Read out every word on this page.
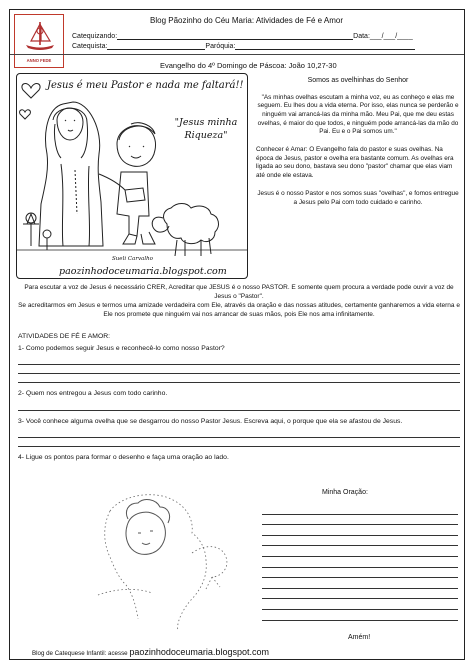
ANNO FEDE
Blog Pãozinho do Céu Maria: Atividades de Fé e Amor
Catequizando:	Data: ___/___/____
Catequista:	Paróquia:
Evangelho do 4º Domingo de Páscoa: João 10,27-30
Jesus é meu Pastor e nada me faltará!!
"Jesus minha
Riqueza"
Sueli Carvalho
paozinhodoceumaria.blogspot.com
Somos as ovelhinhas do Senhor

"As minhas ovelhas escutam a minha voz, eu as conheço e elas me seguem. Eu lhes dou a vida eterna. Por isso, elas nunca se perderão e ninguém vai arrancá-las da minha mão. Meu Pai, que me deu estas ovelhas, é maior do que todos, e ninguém pode arrancá-las da mão do Pai. Eu e o Pai somos um."

Conhecer é Amar: O Evangelho fala do pastor e suas ovelhas. Na época de Jesus, pastor e ovelha era bastante comum. As ovelhas era ligada ao seu dono, bastava seu dono "pastor" chamar que elas viam até onde ele estava.

Jesus é o nosso Pastor e nos somos suas "ovelhas", e fomos entregue a Jesus pelo Pai com todo cuidado e carinho.

Para escutar a voz de Jesus é necessário CRER, Acreditar que JESUS é o nosso PASTOR. E somente quem procura a verdade pode ouvir a voz de Jesus o "Pastor".
Se acreditarmos em Jesus e termos uma amizade verdadeira com Ele, através da oração e das nossas atitudes, certamente ganharemos a vida eterna e Ele nos promete que ninguém vai nos arrancar de suas mãos, pois Ele nos ama infinitamente.
ATIVIDADES DE FÉ E AMOR:
1- Como podemos seguir Jesus e reconhecê-lo como nosso Pastor?
2- Quem nos entregou a Jesus com todo carinho.
3- Você conhece alguma ovelha que se desgarrou do nosso Pastor Jesus. Escreva aqui, o porque que ela se afastou de Jesus.
4- Ligue os pontos para formar o desenho e faça uma oração ao lado.
Minha Oração:
Amém!
Blog de Catequese Infantil: acesse paozinhodoceumaria.blogspot.com
